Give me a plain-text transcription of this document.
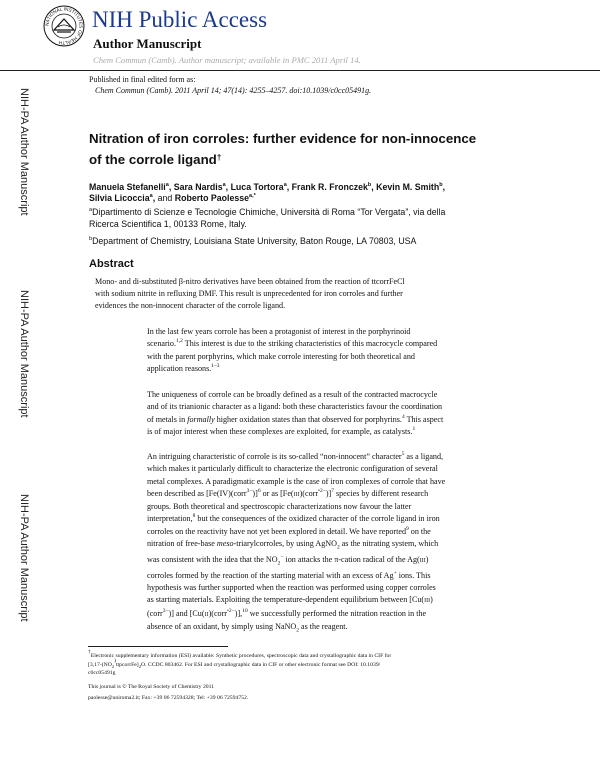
NATIONAL INSTITUTES OF HEALTH
NIH Public Access
Author Manuscript
Chem Commun (Camb). Author manuscript; available in PMC 2011 April 14.
Published in final edited form as:
Chem Commun (Camb). 2011 April 14; 47(14): 4255–4257. doi:10.1039/c0cc05491g.
NIH-PA Author Manuscript
NIH-PA Author Manuscript
NIH-PA Author Manuscript
Nitration of iron corroles: further evidence for non-innocence
of the corrole ligand†
Manuela Stefanelli$^a$, Sara Nardis$^a$, Luca Tortora$^a$, Frank R. Fronczek$^b$, Kevin M. Smith$^b$,
Silvia Licoccia$^a$, and Roberto Paolesse$^{a,*}$
$^a$Dipartimento di Scienze e Tecnologie Chimiche, Università di Roma “Tor Vergata”, via della
Ricerca Scientifica 1, 00133 Rome, Italy.
$^b$Department of Chemistry, Louisiana State University, Baton Rouge, LA 70803, USA
Abstract
Mono- and di-substituted β-nitro derivatives have been obtained from the reaction of ttcorrFeCl
with sodium nitrite in refluxing DMF. This result is unprecedented for iron corroles and further
evidences the non-innocent character of the corrole ligand.

In the last few years corrole has been a protagonist of interest in the porphyrinoid
scenario.$^{1,2}$ This interest is due to the striking characteristics of this macrocycle compared
with the parent porphyrins, which make corrole interesting for both theoretical and
application reasons.$^{1-3}$

The uniqueness of corrole can be broadly defined as a result of the contracted macrocycle
and of its trianionic character as a ligand: both these characteristics favour the coordination
of metals in formally higher oxidation states than that observed for porphyrins.$^4$ This aspect
is of major interest when these complexes are exploited, for example, as catalysts.$^1$

An intriguing characteristic of corrole is its so-called “non-innocent” character$^5$ as a ligand,
which makes it particularly difficult to characterize the electronic configuration of several
metal complexes. A paradigmatic example is the case of iron complexes of corrole that have
been described as [Fe(IV)(corr$^{3-}$)]$^6$ or as [Fe(III)(corr$^{•2-}$)]$^7$ species by different research
groups. Both theoretical and spectroscopic characterizations now favour the latter
interpretation,$^8$ but the consequences of the oxidized character of the corrole ligand in iron
corroles on the reactivity have not yet been explored in detail. We have reported$^9$ on the
nitration of free-base meso-triarylcorroles, by using AgNO$_2$ as the nitrating system, which
was consistent with the idea that the $NO_2^-$ ion attacks the π-cation radical of the Ag(III)
corroles formed by the reaction of the starting material with an excess of Ag+ ions. This
hypothesis was further supported when the reaction was performed using copper corroles
as starting materials. Exploiting the temperature-dependent equilibrium between [Cu(III)
(corr$^{3-}$)] and [Cu(II)(corr$^{•2-}$)],$^{10}$ we successfully performed the nitration reaction in the
absence of an oxidant, by simply using NaNO$_2$ as the reagent.

†Electronic supplementary information (ESI) available: Synthetic procedures, spectroscopic data and crystallographic data in CIF for
[$3,17-(NO_2^)ttpcorrFe]_2O$. CCDC 803462. For ESI and crystallographic data in CIF or other electronic format see DOI: 10.1039/
c0cc05491g
This journal is © The Royal Society of Chemistry 2011
paolesse@uniroma2.it; Fax: +39 06 72594328; Tel: +39 06 72594752.
